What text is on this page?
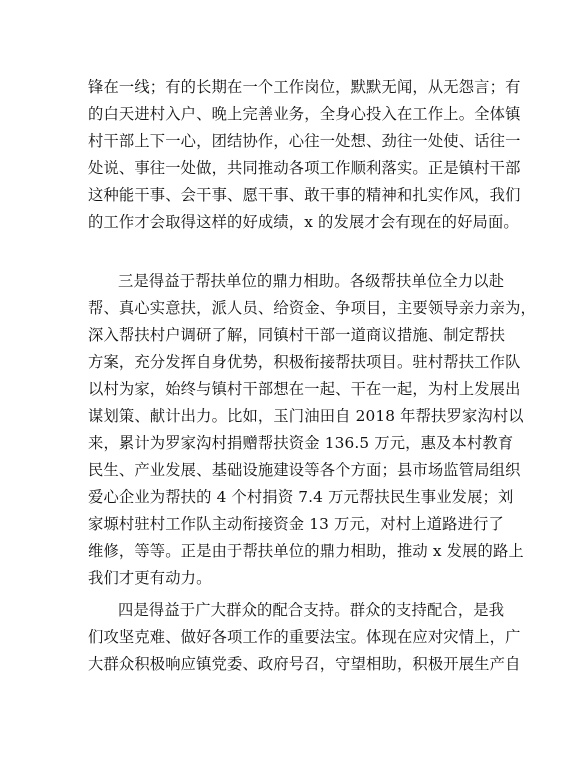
锋在一线；有的长期在一个工作岗位，默默无闻，从无怨言；有

的白天进村入户、晚上完善业务，全身心投入在工作上。全体镇

村干部上下一心，团结协作，心往一处想、劲往一处使、话往一

处说、事往一处做，共同推动各项工作顺利落实。正是镇村干部

这种能干事、会干事、愿干事、敢干事的精神和扎实作风，我们

的工作才会取得这样的好成绩，x 的发展才会有现在的好局面。

三是得益于帮扶单位的鼎力相助。各级帮扶单位全力以赴

帮、真心实意扶，派人员、给资金、争项目，主要领导亲力亲为，

深入帮扶村户调研了解，同镇村干部一道商议措施、制定帮扶

方案，充分发挥自身优势，积极衔接帮扶项目。驻村帮扶工作队

以村为家，始终与镇村干部想在一起、干在一起，为村上发展出

谋划策、献计出力。比如，玉门油田自 2018 年帮扶罗家沟村以

来，累计为罗家沟村捐赠帮扶资金 136.5 万元，惠及本村教育

民生、产业发展、基础设施建设等各个方面；县市场监管局组织

爱心企业为帮扶的 4 个村捐资 7.4 万元帮扶民生事业发展；刘

家塬村驻村工作队主动衔接资金 13 万元，对村上道路进行了

维修，等等。正是由于帮扶单位的鼎力相助，推动 x 发展的路上

我们才更有动力。

四是得益于广大群众的配合支持。群众的支持配合，是我

们攻坚克难、做好各项工作的重要法宝。体现在应对灾情上，广

大群众积极响应镇党委、政府号召，守望相助，积极开展生产自
